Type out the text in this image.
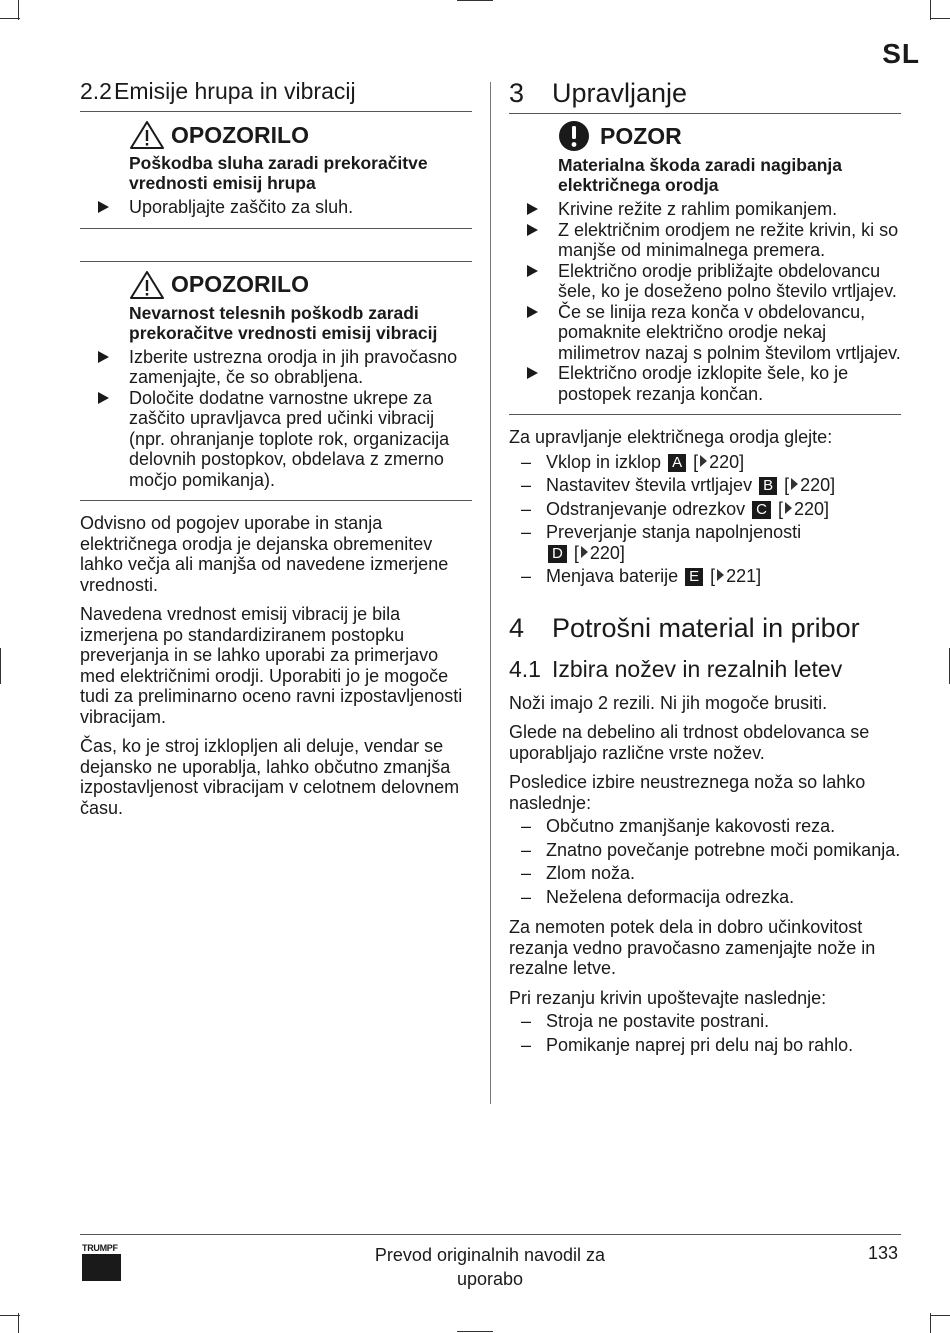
SL
2.2 Emisije hrupa in vibracij
OPOZORILO
Poškodba sluha zaradi prekoračitve vrednosti emisij hrupa
Uporabljajte zaščito za sluh.
OPOZORILO
Nevarnost telesnih poškodb zaradi prekoračitve vrednosti emisij vibracij
Izberite ustrezna orodja in jih pravočasno zamenjajte, če so obrabljena.
Določite dodatne varnostne ukrepe za zaščito upravljavca pred učinki vibracij (npr. ohranjanje toplote rok, organizacija delovnih postopkov, obdelava z zmerno močjo pomikanja).

Odvisno od pogojev uporabe in stanja električnega orodja je dejanska obremenitev lahko večja ali manjša od navedene izmerjene vrednosti.

Navedena vrednost emisij vibracij je bila izmerjena po standardiziranem postopku preverjanja in se lahko uporabi za primerjavo med električnimi orodji. Uporabiti jo je mogoče tudi za preliminarno oceno ravni izpostavljenosti vibracijam.

Čas, ko je stroj izklopljen ali deluje, vendar se dejansko ne uporablja, lahko občutno zmanjša izpostavljenost vibracijam v celotnem delovnem času.

3	Upravljanje
POZOR
Materialna škoda zaradi nagibanja električnega orodja
Krivine režite z rahlim pomikanjem.
Z električnim orodjem ne režite krivin, ki so manjše od minimalnega premera.
Električno orodje približajte obdelovancu šele, ko je doseženo polno število vrtljajev.
Če se linija reza konča v obdelovancu, pomaknite električno orodje nekaj milimetrov nazaj s polnim številom vrtljajev.
Električno orodje izklopite šele, ko je postopek rezanja končan.

Za upravljanje električnega orodja glejte:

– Vklop in izklop A [ 220]
– Nastavitev števila vrtljajev B [ 220]
– Odstranjevanje odrezkov C [ 220]
– Preverjanje stanja napolnjenosti
D [ 220]
– Menjava baterije E [ 221]
4	Potrošni material in pribor
4.1 Izbira nožev in rezalnih letev

Noži imajo 2 rezili. Ni jih mogoče brusiti.

Glede na debelino ali trdnost obdelovanca se uporabljajo različne vrste nožev.

Posledice izbire neustreznega noža so lahko naslednje:

– Občutno zmanjšanje kakovosti reza.
– Znatno povečanje potrebne moči pomikanja.
– Zlom noža.
– Neželena deformacija odrezka.

Za nemoten potek dela in dobro učinkovitost rezanja vedno pravočasno zamenjajte nože in rezalne letve.

Pri rezanju krivin upoštevajte naslednje:

– Stroja ne postavite postrani.
– Pomikanje naprej pri delu naj bo rahlo.
TRUMPF	Prevod originalnih navodil za uporabo
133
